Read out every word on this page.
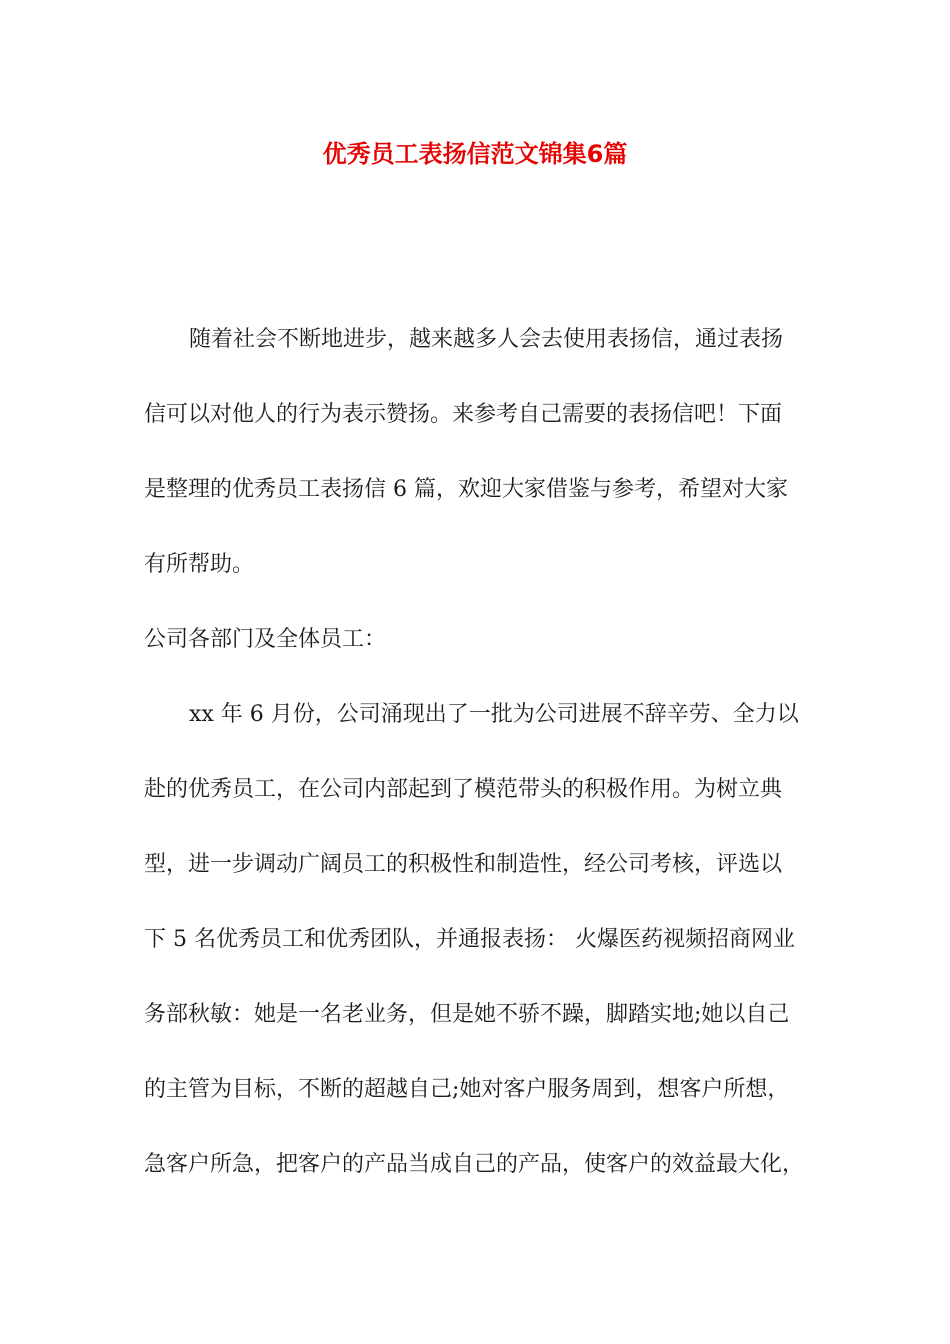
优秀员工表扬信范文锦集6篇

随着社会不断地进步，越来越多人会去使用表扬信，通过表扬

信可以对他人的行为表示赞扬。来参考自己需要的表扬信吧！下面

是整理的优秀员工表扬信 6 篇，欢迎大家借鉴与参考，希望对大家

有所帮助。

公司各部门及全体员工：

xx 年 6 月份，公司涌现出了一批为公司进展不辞辛劳、全力以

赴的优秀员工，在公司内部起到了模范带头的积极作用。为树立典

型，进一步调动广阔员工的积极性和制造性，经公司考核，评选以

下 5 名优秀员工和优秀团队，并通报表扬： 火爆医药视频招商网业

务部秋敏：她是一名老业务，但是她不骄不躁，脚踏实地;她以自己

的主管为目标，不断的超越自己;她对客户服务周到，想客户所想，

急客户所急，把客户的产品当成自己的产品，使客户的效益最大化，
